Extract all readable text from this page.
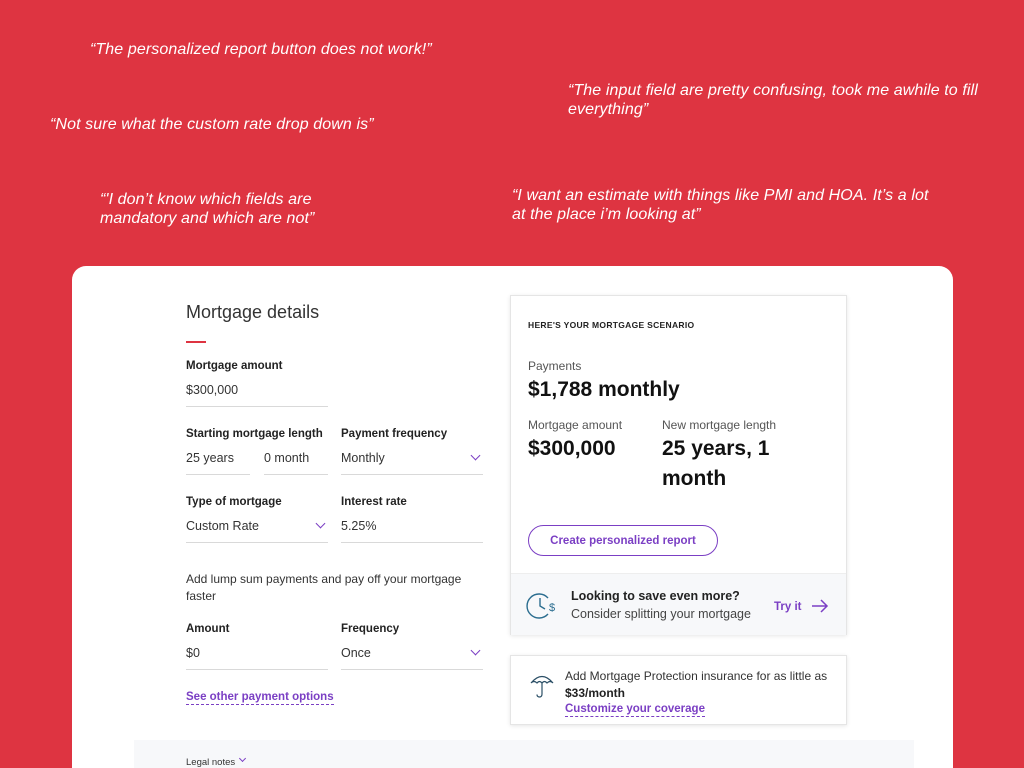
“The personalized report button does not work!”
“Not sure what the custom rate drop down is”
“'I don’t know which fields are mandatory and which are not”
“The input field are pretty confusing, took me awhile to fill everything”
“I want an estimate with things like PMI and HOA. It’s a lot at the place i’m looking at”
Mortgage details
Mortgage amount
$300,000
Starting mortgage length
25 years 0 month
Payment frequency
Monthly
Type of mortgage
Custom Rate
Interest rate
5.25%
Add lump sum payments and pay off your mortgage faster
Amount
$0
Frequency
Once
See other payment options
HERE'S YOUR MORTGAGE SCENARIO
Payments
$1,788 monthly
Mortgage amount
$300,000
New mortgage length
25 years, 1 month
Create personalized report
$
Looking to save even more?
Consider splitting your mortgage Try it
Add Mortgage Protection insurance for as little as $33/month
Customize your coverage
Legal notes
